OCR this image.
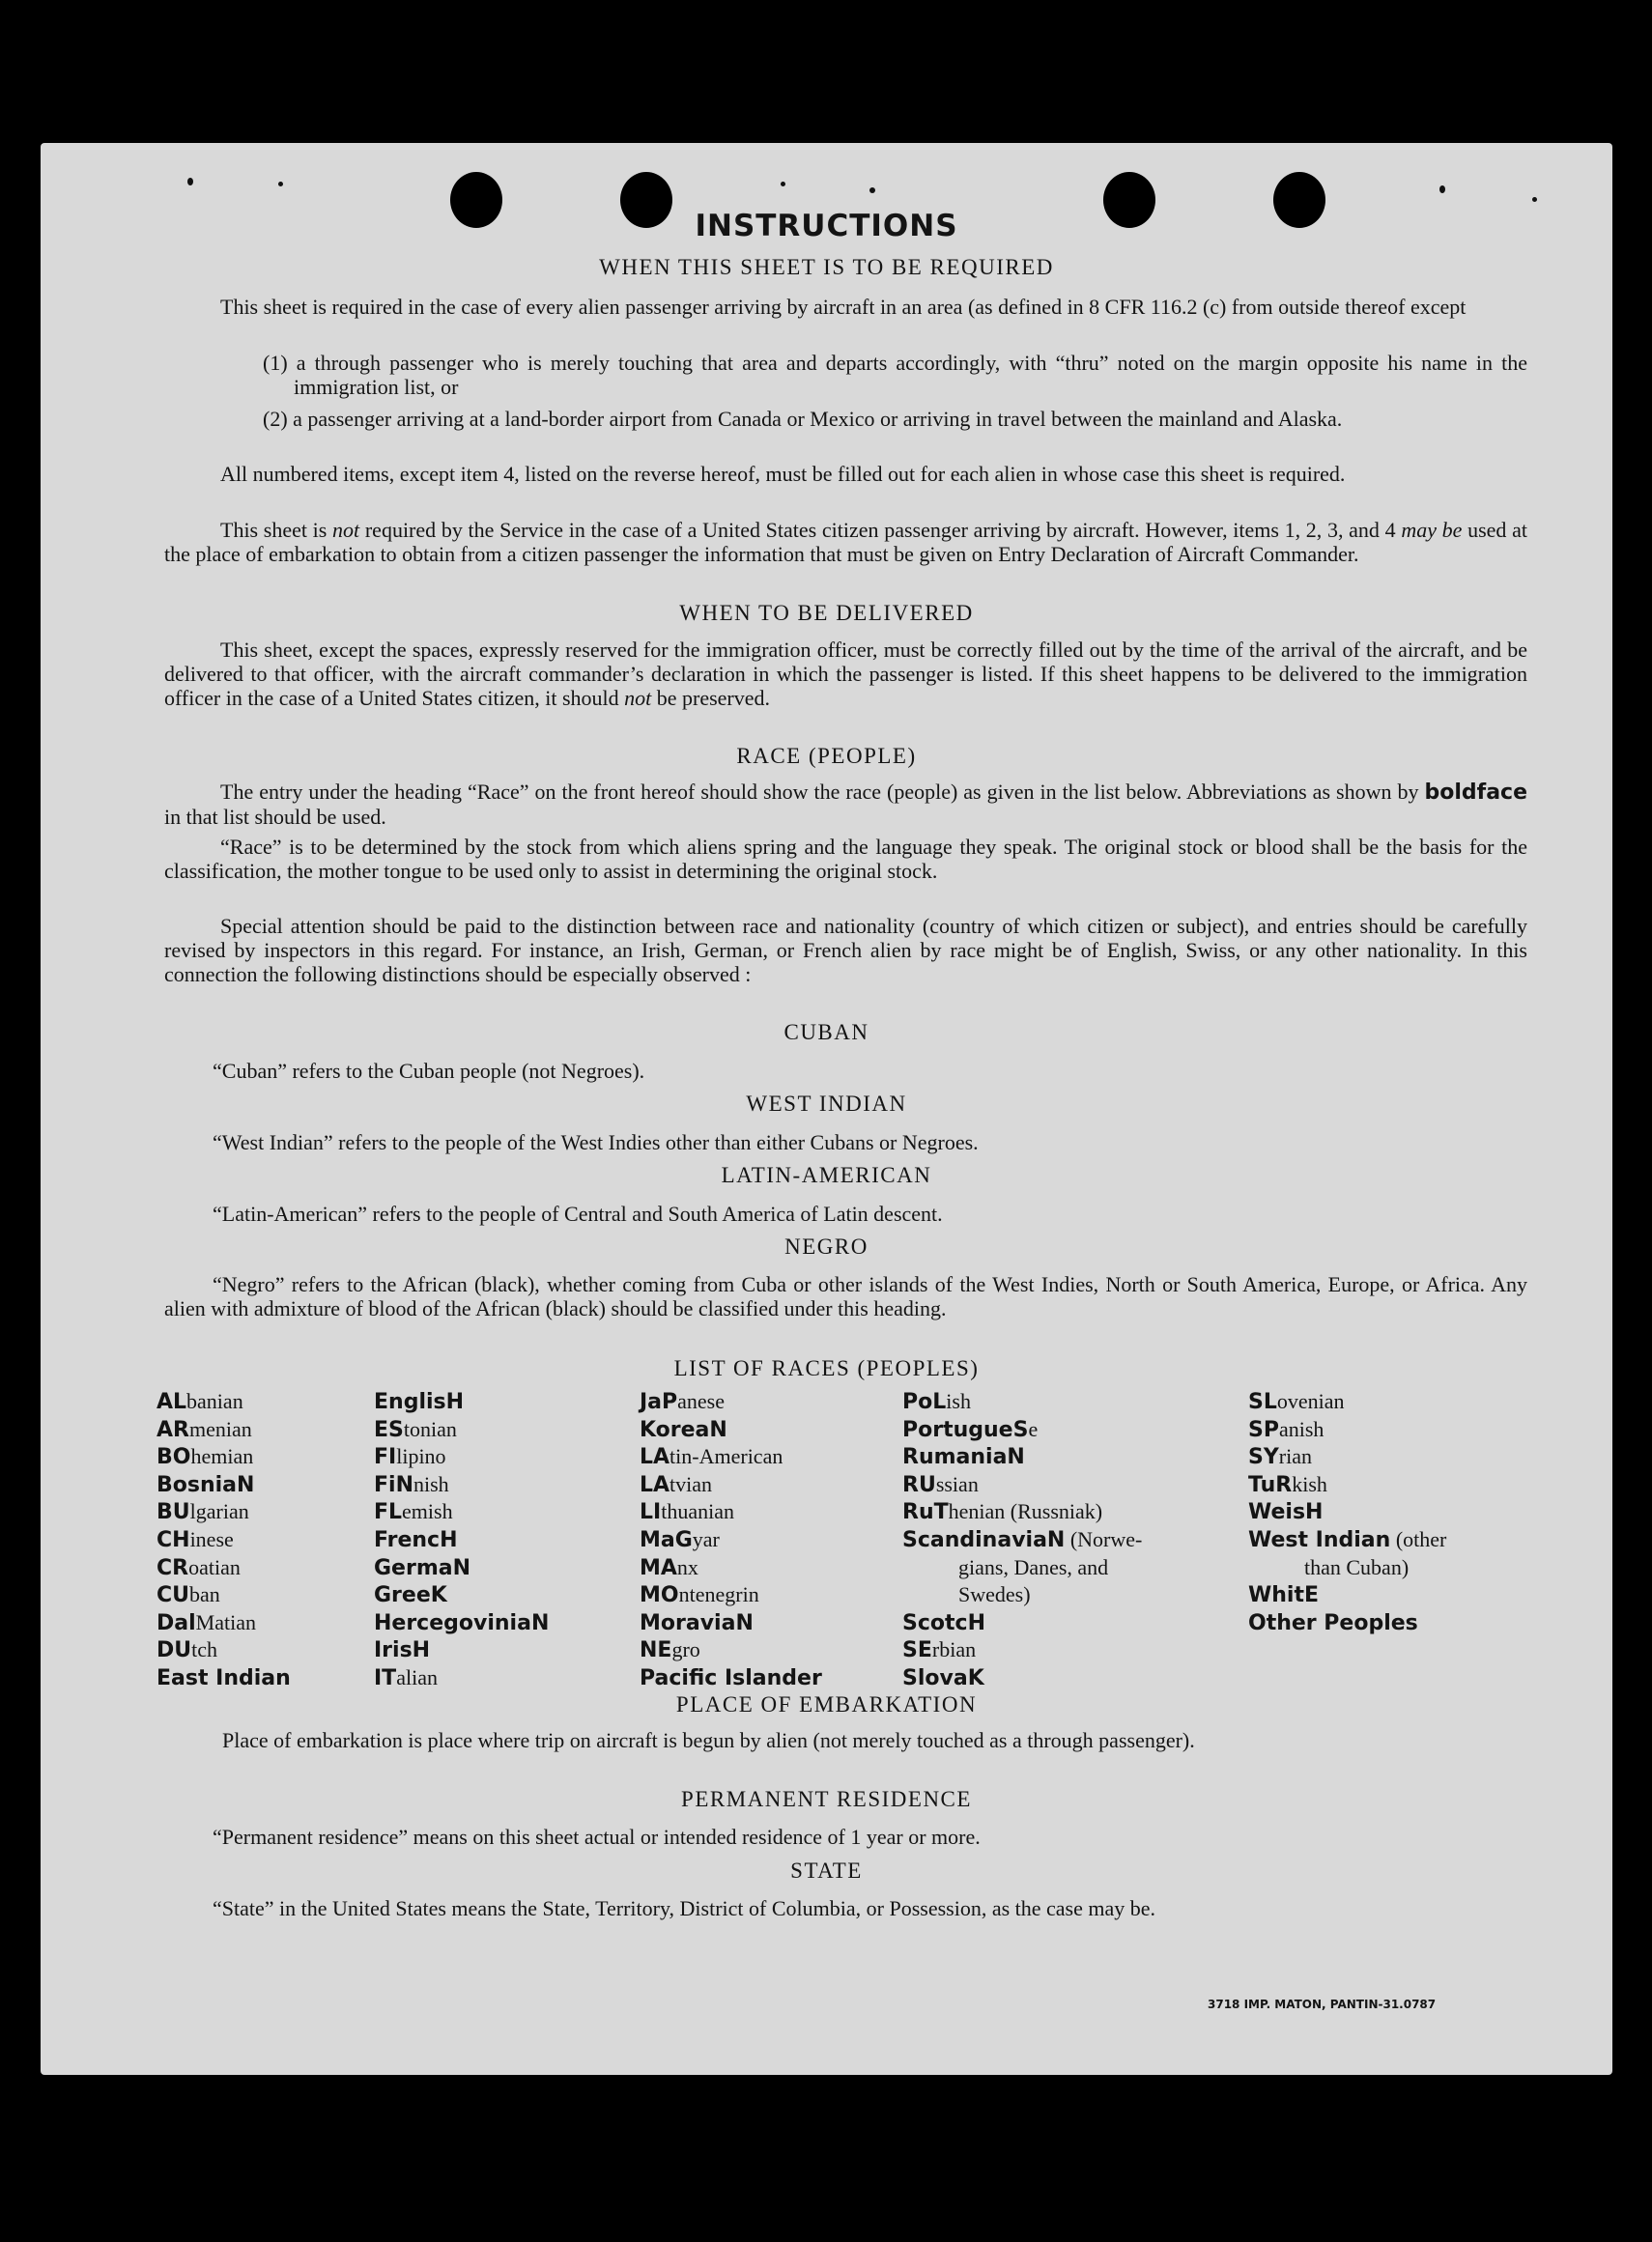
INSTRUCTIONS
WHEN THIS SHEET IS TO BE REQUIRED

This sheet is required in the case of every alien passenger arriving by aircraft in an area (as defined in 8 CFR 116.2 (c) from outside thereof except

(1) a through passenger who is merely touching that area and departs accordingly, with “thru” noted on the margin opposite his name in the immigration list, or

(2) a passenger arriving at a land-border airport from Canada or Mexico or arriving in travel between the mainland and Alaska.

All numbered items, except item 4, listed on the reverse hereof, must be filled out for each alien in whose case this sheet is required.

This sheet is not required by the Service in the case of a United States citizen passenger arriving by aircraft. However, items 1, 2, 3, and 4 may be used at the place of embarkation to obtain from a citizen passenger the information that must be given on Entry Declaration of Aircraft Commander.

WHEN TO BE DELIVERED

This sheet, except the spaces, expressly reserved for the immigration officer, must be correctly filled out by the time of the arrival of the aircraft, and be delivered to that officer, with the aircraft commander’s declaration in which the passenger is listed. If this sheet happens to be delivered to the immigration officer in the case of a United States citizen, it should not be preserved.

RACE (PEOPLE)

The entry under the heading “Race” on the front hereof should show the race (people) as given in the list below. Abbreviations as shown by boldface in that list should be used.

“Race” is to be determined by the stock from which aliens spring and the language they speak. The original stock or blood shall be the basis for the classification, the mother tongue to be used only to assist in determining the original stock.

Special attention should be paid to the distinction between race and nationality (country of which citizen or subject), and entries should be carefully revised by inspectors in this regard. For instance, an Irish, German, or French alien by race might be of English, Swiss, or any other nationality. In this connection the following distinctions should be especially observed :

CUBAN

“Cuban” refers to the Cuban people (not Negroes).

WEST INDIAN

“West Indian” refers to the people of the West Indies other than either Cubans or Negroes.

LATIN-AMERICAN

“Latin-American” refers to the people of Central and South America of Latin descent.

NEGRO

“Negro” refers to the African (black), whether coming from Cuba or other islands of the West Indies, North or South America, Europe, or Africa. Any alien with admixture of blood of the African (black) should be classified under this heading.

LIST OF RACES (PEOPLES)
ALbanian
ARmenian
BOhemian
BosniaN
BUlgarian
CHinese
CRoatian
CUban
DalMatian
DUtch
East Indian
EnglisH
EStonian
FIlipino
FiNnish
FLemish
FrencH
GermaN
GreeK
HercegoviniaN
IrisH
ITalian
JaPanese
KoreaN
LAtin-American
LAtvian
LIthuanian
MaGyar
MAnx
MOntenegrin
MoraviaN
NEgro
Pacific Islander
PoLish
PortugueSe
RumaniaN
RUssian
RuThenian (Russniak)
ScandinaviaN (Norwe-
gians, Danes, and
Swedes)
ScotcH
SErbian
SlovaK
SLovenian
SPanish
SYrian
TuRkish
WeisH
West Indian (other
than Cuban)
WhitE
Other Peoples
PLACE OF EMBARKATION

Place of embarkation is place where trip on aircraft is begun by alien (not merely touched as a through passenger).

PERMANENT RESIDENCE

“Permanent residence” means on this sheet actual or intended residence of 1 year or more.

STATE

“State” in the United States means the State, Territory, District of Columbia, or Possession, as the case may be.

3718 IMP. MATON, PANTIN-31.0787
